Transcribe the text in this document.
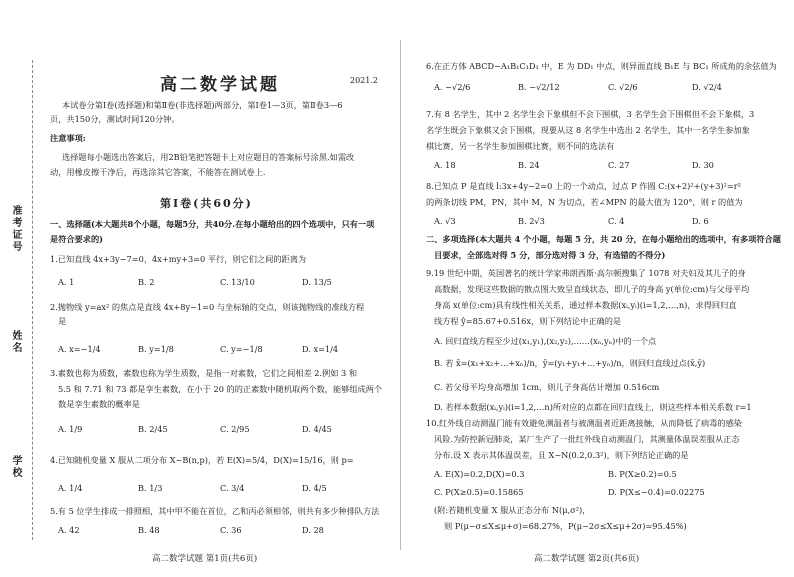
准考证号
姓名
学校
高二数学试题	2021.2
本试卷分第Ⅰ卷(选择题)和第Ⅱ卷(非选择题)两部分，第Ⅰ卷1—3页，第Ⅱ卷3—6
页，共150分，测试时间120分钟。
注意事项:
选择题每小题选出答案后，用2B铅笔把答题卡上对应题目的答案标号涂黑.如需改
动，用橡皮擦干净后，再选涂其它答案，不能答在测试卷上.
第Ⅰ卷(共60分)
一、选择题(本大题共8个小题，每题5分，共40分.在每小题给出的四个选项中，只有一项
是符合要求的)
1.已知直线 4x+3y−7=0，4x+my+3=0 平行，则它们之间的距离为
A. 1	B. 2	C. 13/10	D. 13/5
2.抛物线 y=ax² 的焦点是直线 4x+8y−1=0 与坐标轴的交点，则该抛物线的准线方程
是
A. x=−1/4	B. y=1/8	C. y=−1/8	D. x=1/4
3.素数也称为质数，素数也称为学生质数，是指一对素数，它们之间相差 2.例如 3 和
5.5 和 7.71 和 73 都是孪生素数，在小于 20 的的正素数中随机取两个数，能够组成两个
数是孪生素数的概率是
A. 1/9	B. 2/45	C. 2/95	D. 4/45
4.已知随机变量 X 服从二项分布 X~B(n,p)，若 E(X)=5/4，D(X)=15/16，则 p=
A. 1/4	B. 1/3	C. 3/4	D. 4/5
5.有 5 位学生排成一排照相，其中甲不能在首位，乙和丙必须相邻，则共有多少种排队方法
A. 42	B. 48	C. 36	D. 28
高二数学试题 第1页(共6页)
6.在正方体 ABCD−A₁B₁C₁D₁ 中，E 为 DD₁ 中点，则异面直线 B₁E 与 BC₁ 所成角的余弦值为
A. −√2/6	B. −√2/12	C. √2/6	D. √2/4
7.有 8 名学生，其中 2 名学生会下象棋但不会下围棋，3 名学生会下围棋但不会下象棋，3
名学生既会下象棋又会下围棋，现要从这 8 名学生中选出 2 名学生，其中一名学生参加象
棋比赛，另一名学生参加围棋比赛，则不同的选法有
A. 18	B. 24	C. 27	D. 30
8.已知点 P 是直线 l:3x+4y−2=0 上的一个动点，过点 P 作圆 C:(x+2)²+(y+3)²=r²
的两条切线 PM，PN，其中 M，N 为切点，若∠MPN 的最大值为 120°，则 r 的值为
A. √3	B. 2√3	C. 4	D. 6
二、多项选择(本大题共 4 个小题，每题 5 分，共 20 分，在每小题给出的选项中，有多项符合题
目要求，全部选对得 5 分，部分选对得 3 分，有选错的不得分)
9.19 世纪中期，英国著名的统计学家弗朗西斯·高尔顿搜集了 1078 对夫妇及其儿子的身
高数据，发现这些数据的散点图大致呈直线状态，即儿子的身高 y(单位:cm)与父母平均
身高 x(单位:cm)具有线性相关关系，通过样本数据(xᵢ,yᵢ)(i=1,2,…,n)，求得回归直
线方程 ŷ=85.67+0.516x，则下列结论中正确的是
A. 回归直线方程至少过(x₁,y₁),(x₂,y₂),……(xₙ,yₙ)中的一个点
B. 若 x̄=(x₁+x₂+…+xₙ)/n，ȳ=(y₁+y₁+…+yₙ)/n，则回归直线过点(x̄,ȳ)
C. 若父母平均身高增加 1cm，则儿子身高估计增加 0.516cm
D. 若样本数据(xᵢ,yᵢ)(i=1,2,…n)所对应的点都在回归直线上，则这些样本相关系数 r=1
10.红外线自动测温门能有效避免测温者与被测温者近距离接触，从而降低了病毒的感染
风险.为防控新冠肺炎，某厂生产了一批红外线自动测温门，其测量体温误差服从正态
分布.设 X 表示其体温误差，且 X~N(0.2,0.3²)，则下列结论正确的是
A. E(X)=0.2,D(X)=0.3	B. P(X≥0.2)=0.5
C. P(X≥0.5)=0.15865	D. P(X≤−0.4)=0.02275
(附:若随机变量 X 服从正态分布 N(μ,σ²)，
则 P(μ−σ≤X≤μ+σ)=68.27%，P(μ−2σ≤X≤μ+2σ)=95.45%)
高二数学试题 第2页(共6页)
